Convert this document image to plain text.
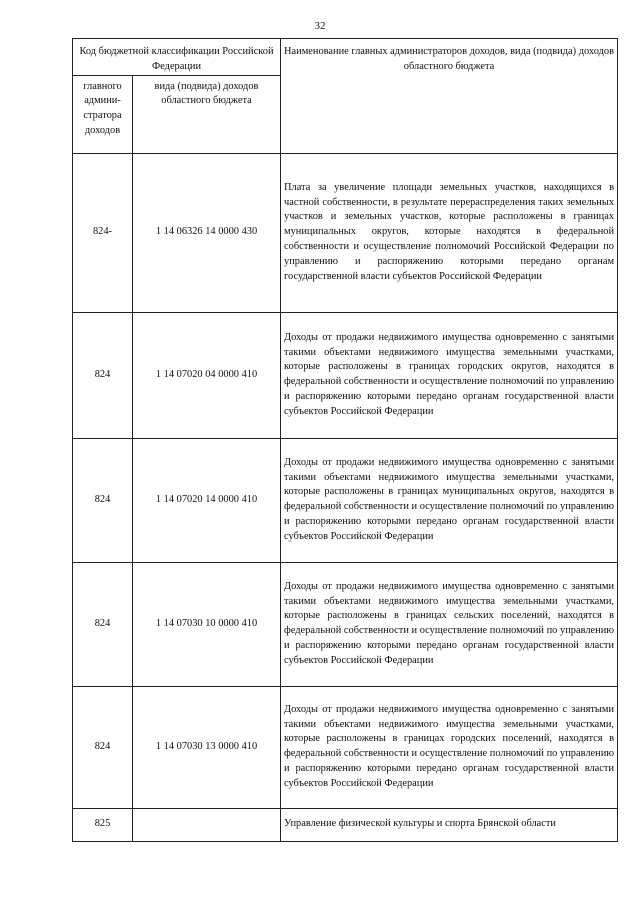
32
Код бюджетной классификации Российской Федерации		Наименование главных администраторов доходов, вида (подвида) доходов областного бюджета
главного админи-стратора доходов	вида (подвида) доходов областного бюджета	
824-	1 14 06326 14 0000 430	Плата за увеличение площади земельных участков, находящихся в частной собственности, в результате перераспределения таких земельных участков и земельных участков, которые расположены в границах муниципальных округов, которые находятся в федеральной собственности и осуществление полномочий Российской Федерации по управлению и распоряжению которыми передано органам государственной власти субъектов Российской Федерации
824	1 14 07020 04 0000 410	Доходы от продажи недвижимого имущества одновременно с занятыми такими объектами недвижимого имущества земельными участками, которые расположены в границах городских округов, находятся в федеральной собственности и осуществление полномочий по управлению и распоряжению которыми передано органам государственной власти субъектов Российской Федерации
824	1 14 07020 14 0000 410	Доходы от продажи недвижимого имущества одновременно с занятыми такими объектами недвижимого имущества земельными участками, которые расположены в границах муниципальных округов, находятся в федеральной собственности и осуществление полномочий по управлению и распоряжению которыми передано органам государственной власти субъектов Российской Федерации
824	1 14 07030 10 0000 410	Доходы от продажи недвижимого имущества одновременно с занятыми такими объектами недвижимого имущества земельными участками, которые расположены в границах сельских поселений, находятся в федеральной собственности и осуществление полномочий по управлению и распоряжению которыми передано органам государственной власти субъектов Российской Федерации
824	1 14 07030 13 0000 410	Доходы от продажи недвижимого имущества одновременно с занятыми такими объектами недвижимого имущества земельными участками, которые расположены в границах городских поселений, находятся в федеральной собственности и осуществление полномочий по управлению и распоряжению которыми передано органам государственной власти субъектов Российской Федерации
825		Управление физической культуры и спорта Брянской области
